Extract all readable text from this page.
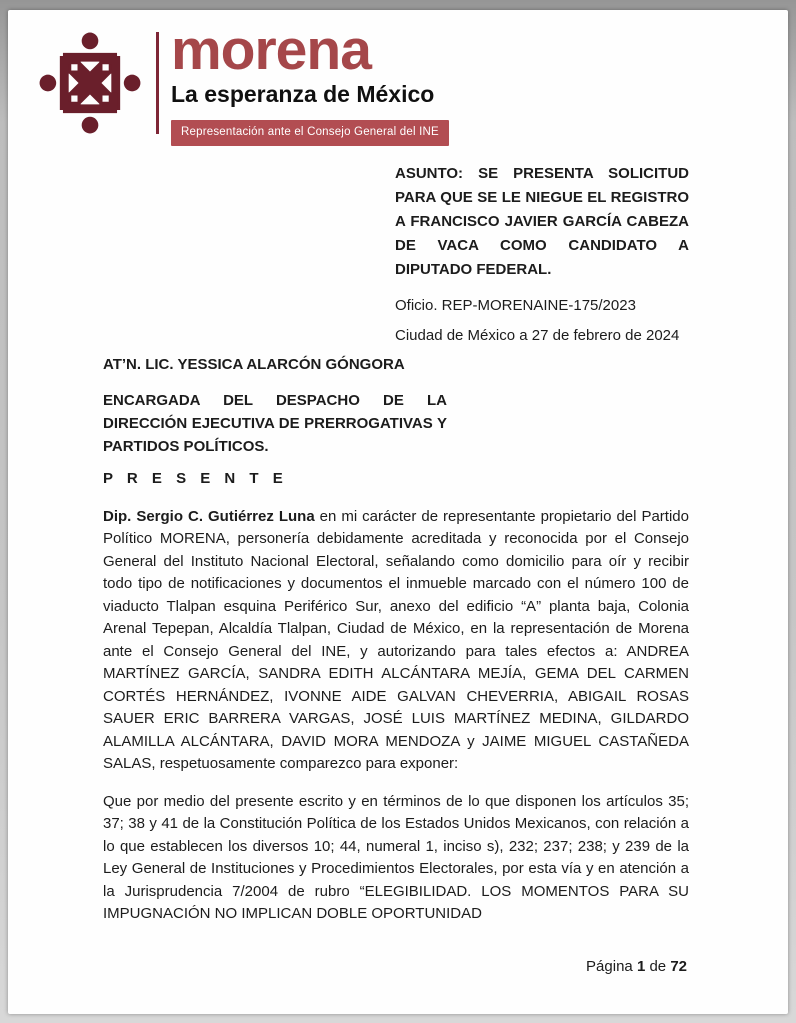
morena
La esperanza de México
Representación ante el Consejo General del INE
ASUNTO: SE PRESENTA SOLICITUD PARA QUE SE LE NIEGUE EL REGISTRO A FRANCISCO JAVIER GARCÍA CABEZA DE VACA COMO CANDIDATO A DIPUTADO FEDERAL.
Oficio. REP-MORENAINE-175/2023
Ciudad de México a 27 de febrero de 2024
AT’N. LIC. YESSICA ALARCÓN GÓNGORA
ENCARGADA DEL DESPACHO DE LA DIRECCIÓN EJECUTIVA DE PRERROGATIVAS Y PARTIDOS POLÍTICOS.
P R E S E N T E

Dip. Sergio C. Gutiérrez Luna en mi carácter de representante propietario del Partido Político MORENA, personería debidamente acreditada y reconocida por el Consejo General del Instituto Nacional Electoral, señalando como domicilio para oír y recibir todo tipo de notificaciones y documentos el inmueble marcado con el número 100 de viaducto Tlalpan esquina Periférico Sur, anexo del edificio “A” planta baja, Colonia Arenal Tepepan, Alcaldía Tlalpan, Ciudad de México, en la representación de Morena ante el Consejo General del INE, y autorizando para tales efectos a: ANDREA MARTÍNEZ GARCÍA, SANDRA EDITH ALCÁNTARA MEJÍA, GEMA DEL CARMEN CORTÉS HERNÁNDEZ, IVONNE AIDE GALVAN CHEVERRIA, ABIGAIL ROSAS SAUER ERIC BARRERA VARGAS, JOSÉ LUIS MARTÍNEZ MEDINA, GILDARDO ALAMILLA ALCÁNTARA, DAVID MORA MENDOZA y JAIME MIGUEL CASTAÑEDA SALAS, respetuosamente comparezco para exponer:

Que por medio del presente escrito y en términos de lo que disponen los artículos 35; 37; 38 y 41 de la Constitución Política de los Estados Unidos Mexicanos, con relación a lo que establecen los diversos 10; 44, numeral 1, inciso s), 232; 237; 238; y 239 de la Ley General de Instituciones y Procedimientos Electorales, por esta vía y en atención a la Jurisprudencia 7/2004 de rubro “ELEGIBILIDAD. LOS MOMENTOS PARA SU IMPUGNACIÓN NO IMPLICAN DOBLE OPORTUNIDAD

Página 1 de 72
